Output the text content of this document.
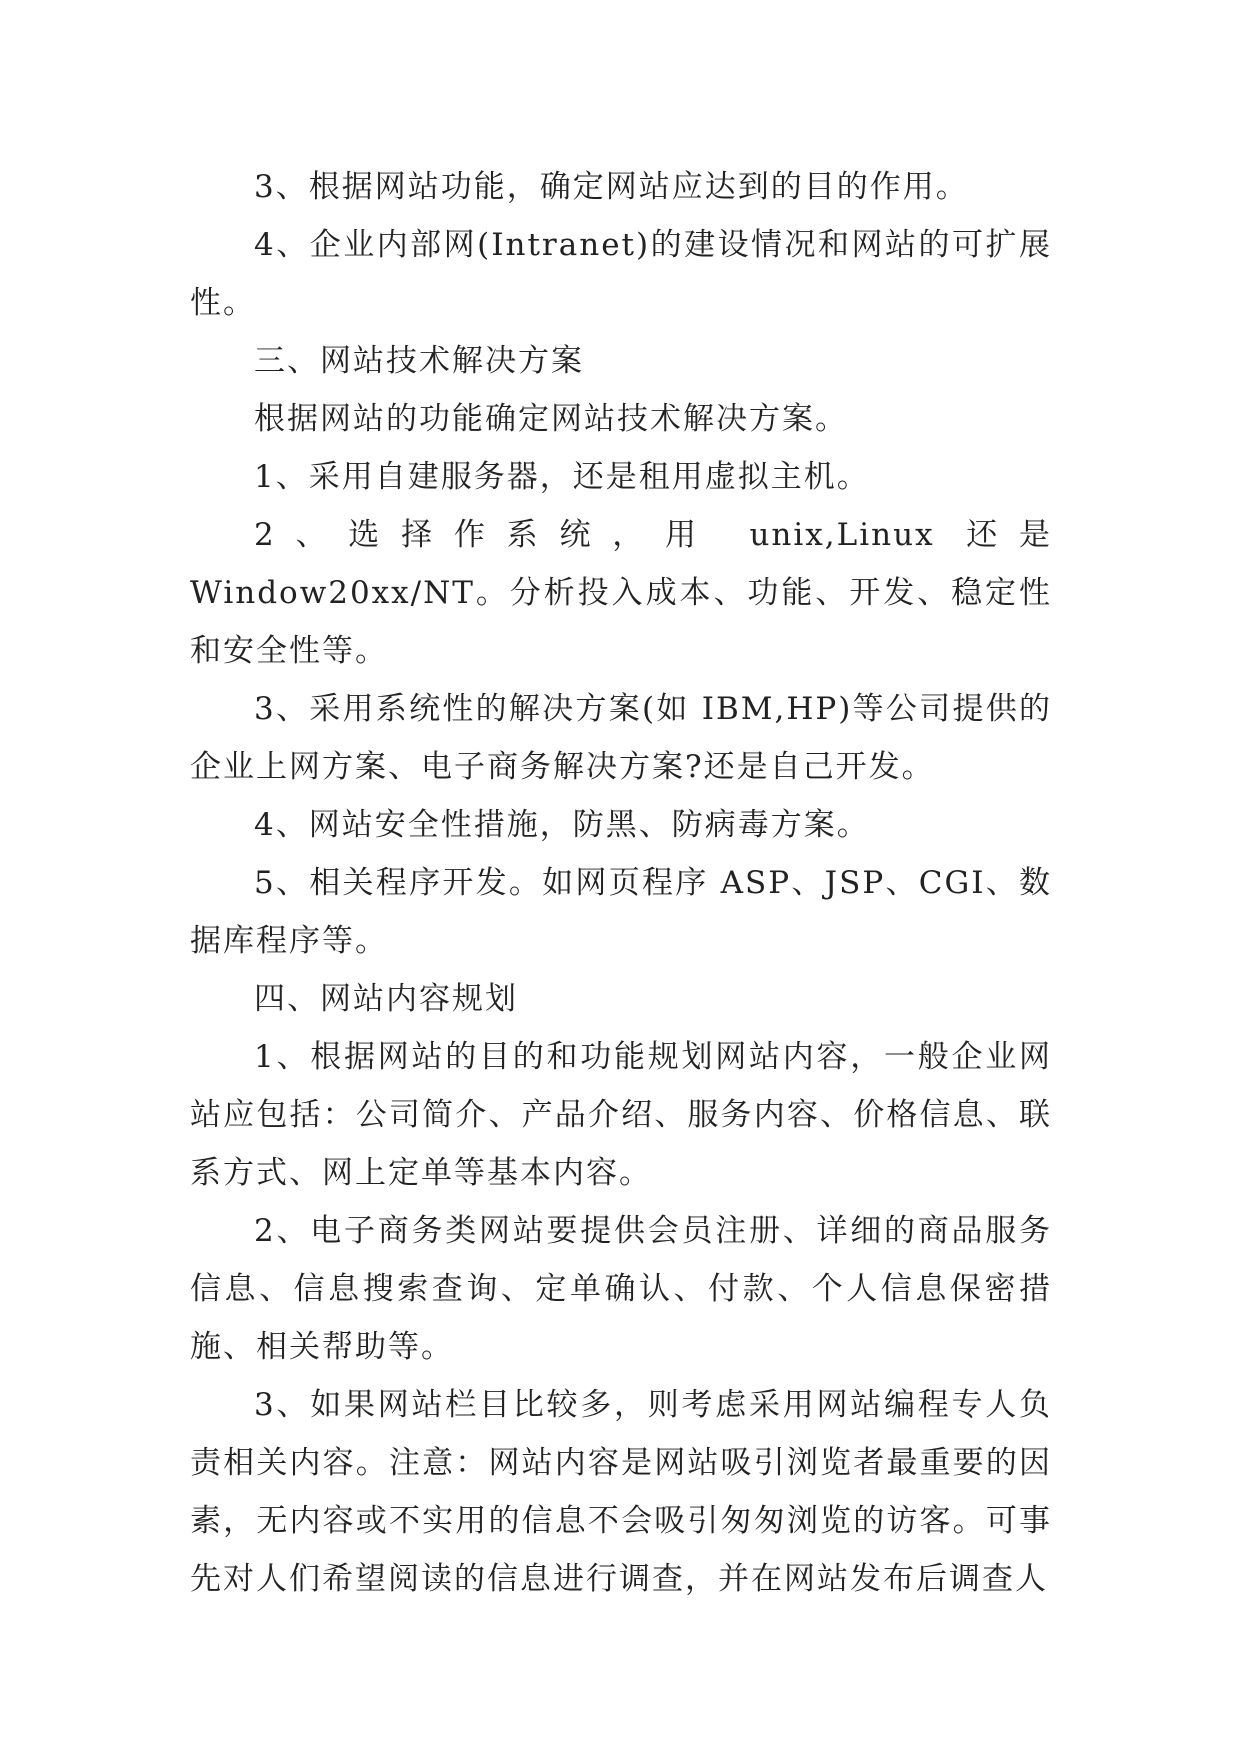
3、根据网站功能，确定网站应达到的目的作用。

4、企业内部网(Intranet)的建设情况和网站的可扩展性。

三、网站技术解决方案

根据网站的功能确定网站技术解决方案。

1、采用自建服务器，还是租用虚拟主机。

2、选择作系统，用 unix,Linux 还是 Window20xx/NT。分析投入成本、功能、开发、稳定性和安全性等。

3、采用系统性的解决方案(如 IBM,HP)等公司提供的企业上网方案、电子商务解决方案?还是自己开发。

4、网站安全性措施，防黑、防病毒方案。

5、相关程序开发。如网页程序 ASP、JSP、CGI、数据库程序等。

四、网站内容规划

1、根据网站的目的和功能规划网站内容，一般企业网站应包括：公司简介、产品介绍、服务内容、价格信息、联系方式、网上定单等基本内容。

2、电子商务类网站要提供会员注册、详细的商品服务信息、信息搜索查询、定单确认、付款、个人信息保密措施、相关帮助等。

3、如果网站栏目比较多，则考虑采用网站编程专人负责相关内容。注意：网站内容是网站吸引浏览者最重要的因素，无内容或不实用的信息不会吸引匆匆浏览的访客。可事先对人们希望阅读的信息进行调查，并在网站发布后调查人
